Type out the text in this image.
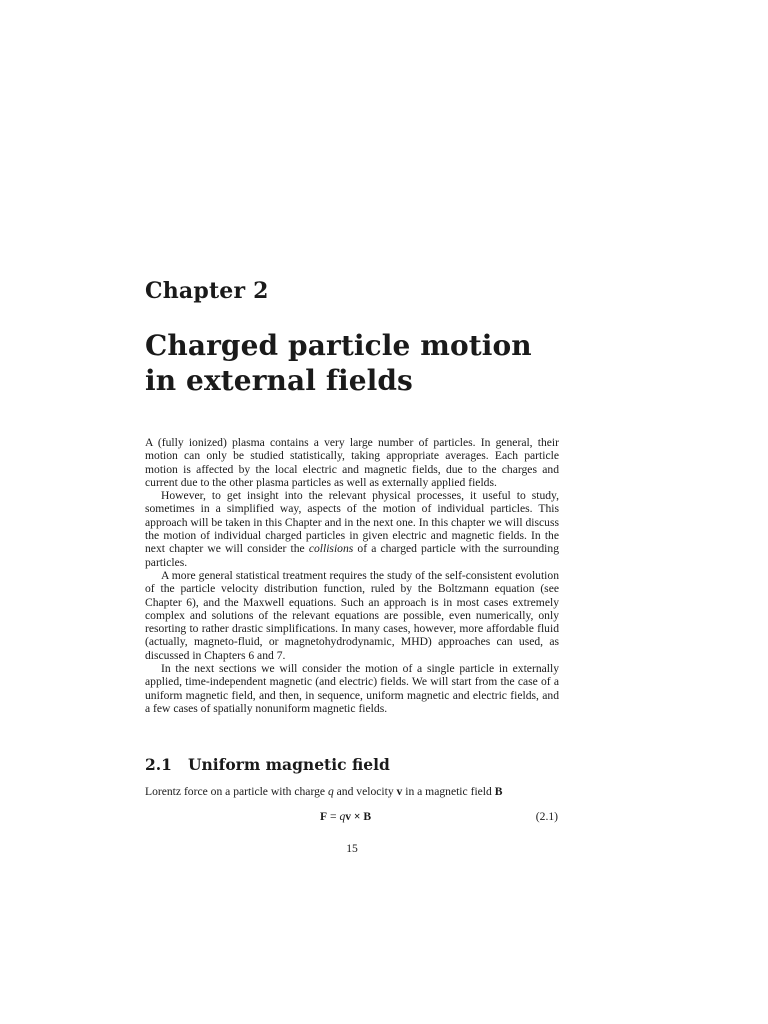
Chapter 2
Charged particle motion in external fields

A (fully ionized) plasma contains a very large number of particles. In general, their motion can only be studied statistically, taking appropriate averages. Each particle motion is affected by the local electric and magnetic fields, due to the charges and current due to the other plasma particles as well as externally applied fields.

However, to get insight into the relevant physical processes, it useful to study, sometimes in a simplified way, aspects of the motion of individual particles. This approach will be taken in this Chapter and in the next one. In this chapter we will discuss the motion of individual charged particles in given electric and magnetic fields. In the next chapter we will consider the collisions of a charged particle with the surrounding particles.

A more general statistical treatment requires the study of the self-consistent evolution of the particle velocity distribution function, ruled by the Boltzmann equation (see Chapter 6), and the Maxwell equations. Such an approach is in most cases extremely complex and solutions of the relevant equations are possible, even numerically, only resorting to rather drastic simplifications. In many cases, however, more affordable fluid (actually, magneto-fluid, or magnetohydrodynamic, MHD) approaches can used, as discussed in Chapters 6 and 7.

In the next sections we will consider the motion of a single particle in externally applied, time-independent magnetic (and electric) fields. We will start from the case of a uniform magnetic field, and then, in sequence, uniform magnetic and electric fields, and a few cases of spatially nonuniform magnetic fields.

2.1 Uniform magnetic field
Lorentz force on a particle with charge q and velocity v in a magnetic field B
F = qv × B	(2.1)
15
